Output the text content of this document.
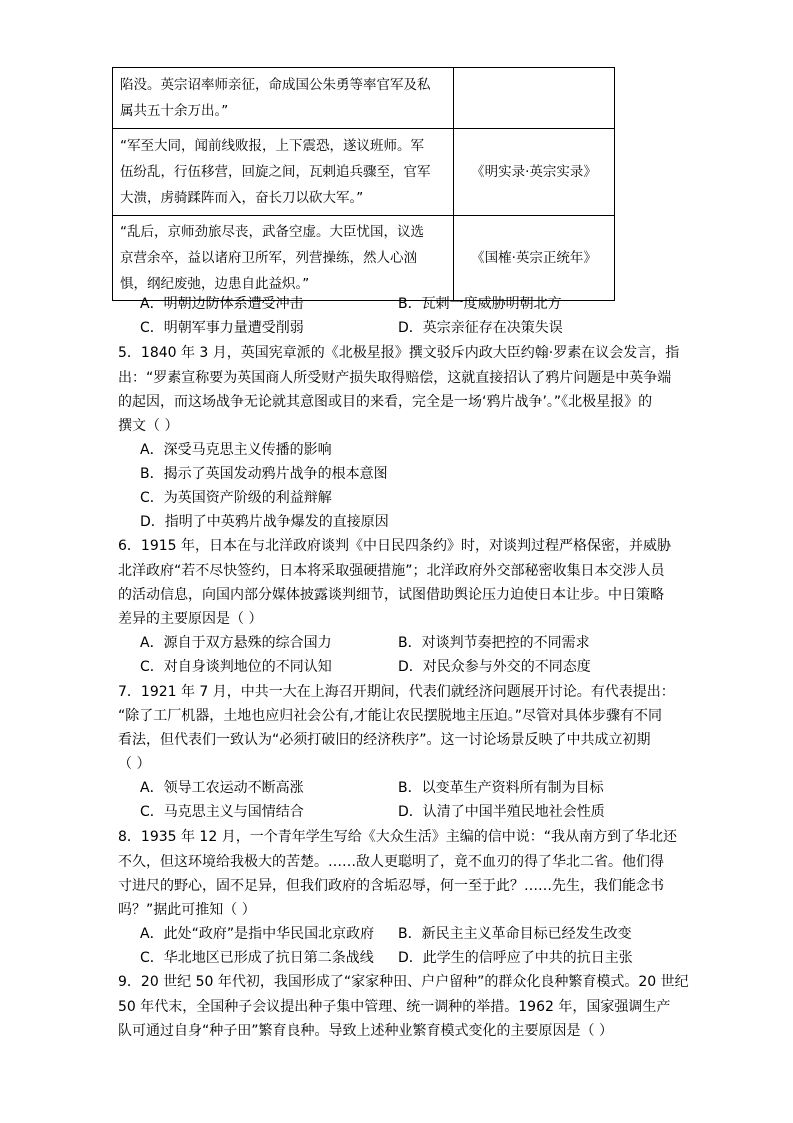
陷没。英宗诏率师亲征，命成国公朱勇等率官军及私
属共五十余万出。”	

“军至大同，闻前线败报，上下震恐，遂议班师。军
伍纷乱，行伍移营，回旋之间，瓦剌追兵骤至，官军
大溃，虏骑蹂阵而入，奋长刀以砍大军。”	《明实录·英宗实录》

“乱后，京师劲旅尽丧，武备空虚。大臣忧国，议选
京营余卒，益以诸府卫所军，列营操练，然人心汹
惧，纲纪废弛，边患自此益炽。”	《国榷·英宗正统年》
A．明朝边防体系遭受冲击	B．瓦剌一度威胁明朝北方
C．明朝军事力量遭受削弱	D．英宗亲征存在决策失误
5．1840 年 3 月，英国宪章派的《北极星报》撰文驳斥内政大臣约翰·罗素在议会发言，指
出：“罗素宣称要为英国商人所受财产损失取得赔偿，这就直接招认了鸦片问题是中英争端
的起因，而这场战争无论就其意图或目的来看，完全是一场‘鸦片战争’。”《北极星报》的
撰文（ ）
A．深受马克思主义传播的影响
B．揭示了英国发动鸦片战争的根本意图
C．为英国资产阶级的利益辩解
D．指明了中英鸦片战争爆发的直接原因
6．1915 年，日本在与北洋政府谈判《中日民四条约》时，对谈判过程严格保密，并威胁
北洋政府“若不尽快签约，日本将采取强硬措施”；北洋政府外交部秘密收集日本交涉人员
的活动信息，向国内部分媒体披露谈判细节，试图借助舆论压力迫使日本让步。中日策略
差异的主要原因是（ ）
A．源自于双方悬殊的综合国力	B．对谈判节奏把控的不同需求
C．对自身谈判地位的不同认知	D．对民众参与外交的不同态度
7．1921 年 7 月，中共一大在上海召开期间，代表们就经济问题展开讨论。有代表提出：
“除了工厂机器，土地也应归社会公有,才能让农民摆脱地主压迫。”尽管对具体步骤有不同
看法，但代表们一致认为“必须打破旧的经济秩序”。这一讨论场景反映了中共成立初期
（ ）
A．领导工农运动不断高涨	B．以变革生产资料所有制为目标
C．马克思主义与国情结合	D．认清了中国半殖民地社会性质
8．1935 年 12 月，一个青年学生写给《大众生活》主编的信中说：“我从南方到了华北还
不久，但这环境给我极大的苦楚。……敌人更聪明了，竟不血刃的得了华北二省。他们得
寸进尺的野心，固不足异，但我们政府的含垢忍辱，何一至于此？……先生，我们能念书
吗？”据此可推知（ ）
A．此处“政府”是指中华民国北京政府 B．新民主主义革命目标已经发生改变
C．华北地区已形成了抗日第二条战线 D．此学生的信呼应了中共的抗日主张
9．20 世纪 50 年代初，我国形成了“家家种田、户户留种”的群众化良种繁育模式。20 世纪
50 年代末，全国种子会议提出种子集中管理、统一调种的举措。1962 年，国家强调生产
队可通过自身“种子田”繁育良种。导致上述种业繁育模式变化的主要原因是（ ）
